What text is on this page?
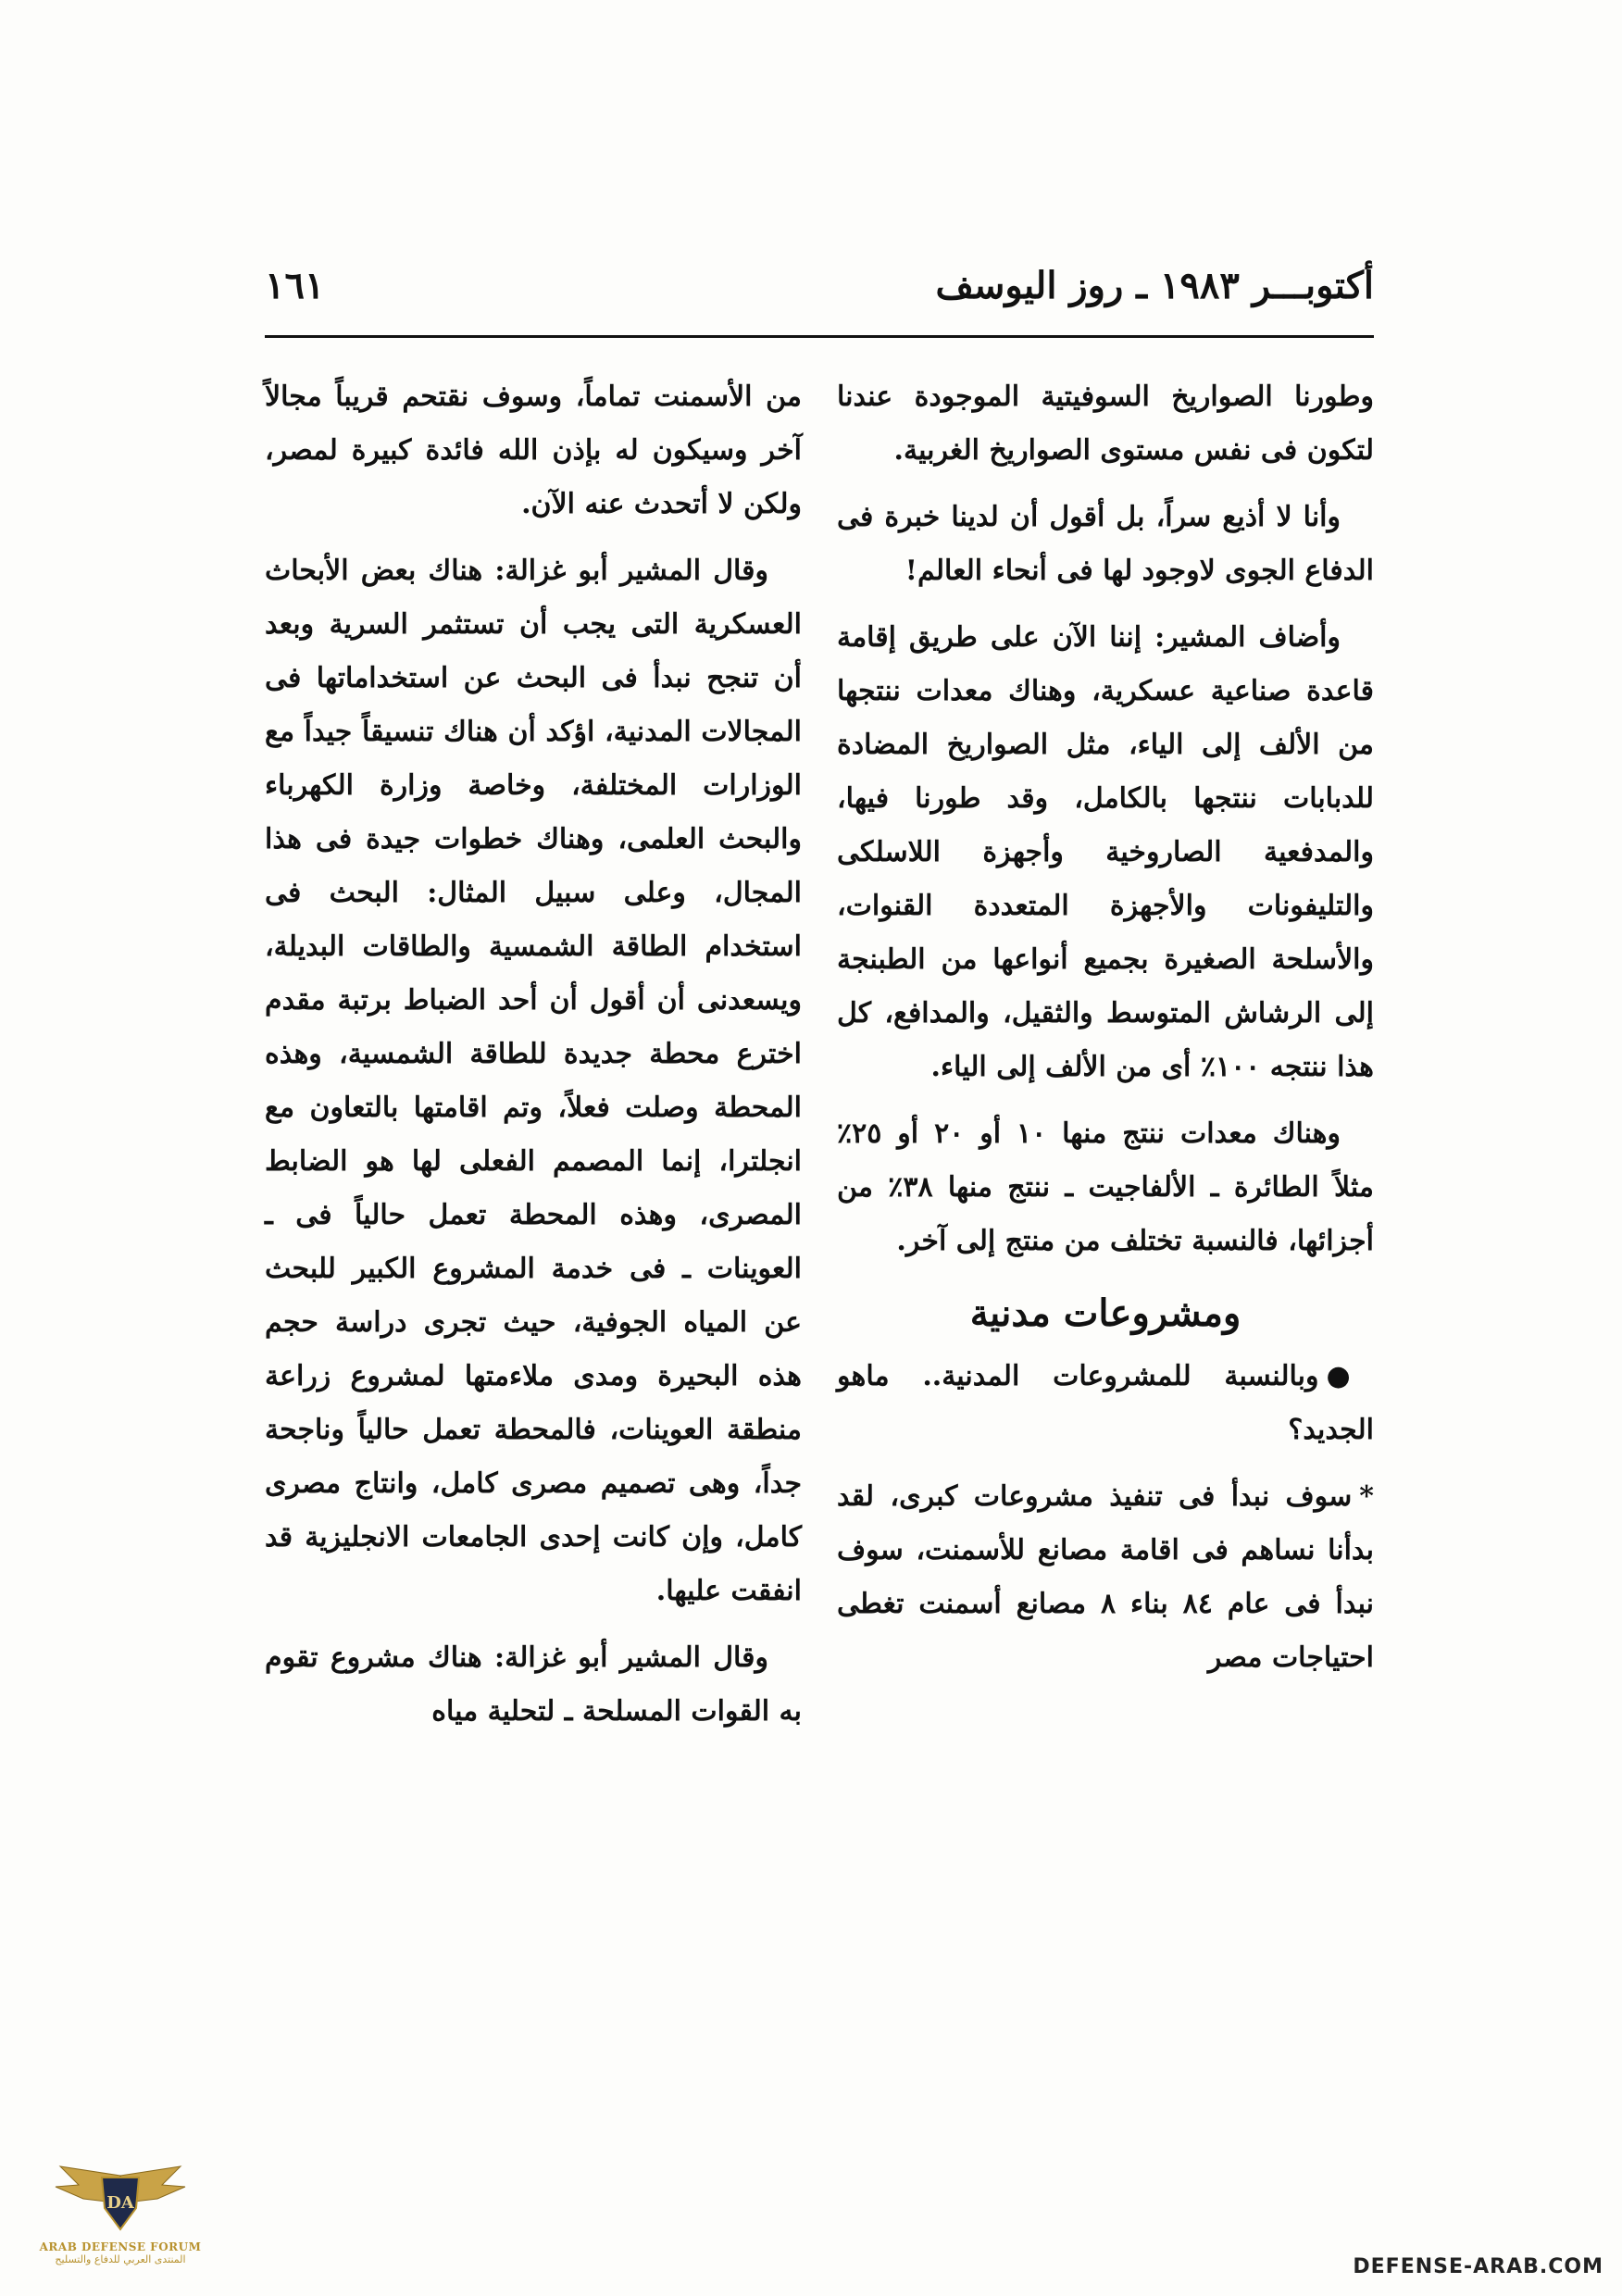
أكتوبـــر ١٩٨٣ ـ روز اليوسف
١٦١

وطورنا الصواريخ السوفيتية الموجودة عندنا لتكون فى نفس مستوى الصواريخ الغربية.

وأنا لا أذيع سراً، بل أقول أن لدينا خبرة فى الدفاع الجوى لاوجود لها فى أنحاء العالم!

وأضاف المشير: إننا الآن على طريق إقامة قاعدة صناعية عسكرية، وهناك معدات ننتجها من الألف إلى الياء، مثل الصواريخ المضادة للدبابات ننتجها بالكامل، وقد طورنا فيها، والمدفعية الصاروخية وأجهزة اللاسلكى والتليفونات والأجهزة المتعددة القنوات، والأسلحة الصغيرة بجميع أنواعها من الطبنجة إلى الرشاش المتوسط والثقيل، والمدافع، كل هذا ننتجه ١٠٠٪ أى من الألف إلى الياء.

وهناك معدات ننتج منها ١٠ أو ٢٠ أو ٢٥٪ مثلاً الطائرة ـ الألفاجيت ـ ننتج منها ٣٨٪ من أجزائها، فالنسبة تختلف من منتج إلى آخر.

ومشروعات مدنية

●وبالنسبة للمشروعات المدنية.. ماهو الجديد؟

*سوف نبدأ فى تنفيذ مشروعات كبرى، لقد بدأنا نساهم فى اقامة مصانع للأسمنت، سوف نبدأ فى عام ٨٤ بناء ٨ مصانع أسمنت تغطى احتياجات مصر

من الأسمنت تماماً، وسوف نقتحم قريباً مجالاً آخر وسيكون له بإذن الله فائدة كبيرة لمصر، ولكن لا أتحدث عنه الآن.

وقال المشير أبو غزالة: هناك بعض الأبحاث العسكرية التى يجب أن تستثمر السرية وبعد أن تنجح نبدأ فى البحث عن استخداماتها فى المجالات المدنية، اؤكد أن هناك تنسيقاً جيداً مع الوزارات المختلفة، وخاصة وزارة الكهرباء والبحث العلمى، وهناك خطوات جيدة فى هذا المجال، وعلى سبيل المثال: البحث فى استخدام الطاقة الشمسية والطاقات البديلة، ويسعدنى أن أقول أن أحد الضباط برتبة مقدم اخترع محطة جديدة للطاقة الشمسية، وهذه المحطة وصلت فعلاً، وتم اقامتها بالتعاون مع انجلترا، إنما المصمم الفعلى لها هو الضابط المصرى، وهذه المحطة تعمل حالياً فى ـ العوينات ـ فى خدمة المشروع الكبير للبحث عن المياه الجوفية، حيث تجرى دراسة حجم هذه البحيرة ومدى ملاءمتها لمشروع زراعة منطقة العوينات، فالمحطة تعمل حالياً وناجحة جداً، وهى تصميم مصرى كامل، وانتاج مصرى كامل، وإن كانت إحدى الجامعات الانجليزية قد انفقت عليها.

وقال المشير أبو غزالة: هناك مشروع تقوم به القوات المسلحة ـ لتحلية مياه

DA
ARAB DEFENSE FORUM
المنتدى العربي للدفاع والتسليح	DEFENSE-ARAB.COM
